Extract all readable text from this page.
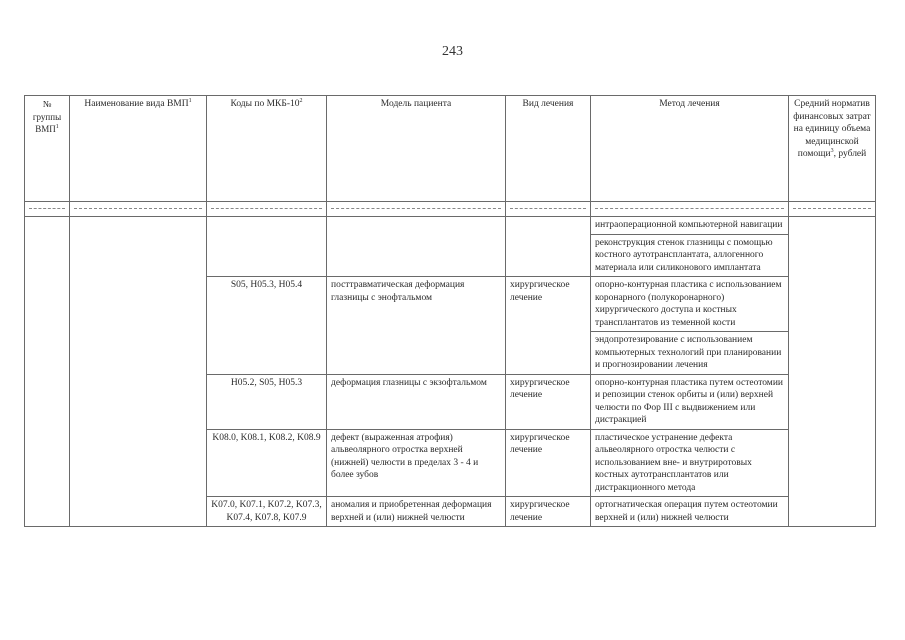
243
№ группы ВМП$^1$	Наименование вида ВМП$^1$	Коды по МКБ-$10^2$	Модель пациента	Вид лечения	Метод лечения	Средний норматив финансовых затрат на единицу объема медицинской помощи$^3$, рублей

					интраоперационной компьютерной навигации	
					реконструкция стенок глазницы с помощью костного аутотрансплантата, аллогенного материала или силиконового имплантата	
		S05, H05.3, H05.4	посттравматическая деформация глазницы с энофтальмом	хирургическое лечение	опорно-контурная пластика с использованием коронарного (полукоронарного) хирургического доступа и костных трансплантатов из теменной кости	
					эндопротезирование с использованием компьютерных технологий при планировании и прогнозировании лечения	
		H05.2, S05, H05.3	деформация глазницы с экзофтальмом	хирургическое лечение	опорно-контурная пластика путем остеотомии и репозиции стенок орбиты и (или) верхней челюсти по Фор III с выдвижением или дистракцией	
		K08.0, K08.1, K08.2, K08.9	дефект (выраженная атрофия) альвеолярного отростка верхней (нижней) челюсти в пределах 3 - 4 и более зубов	хирургическое лечение	пластическое устранение дефекта альвеолярного отростка челюсти с использованием вне- и внутриротовых костных аутотрансплантатов или дистракционного метода	
		K07.0, K07.1, K07.2, K07.3, K07.4, K07.8, K07.9	аномалия и приобретенная деформация верхней и (или) нижней челюсти	хирургическое лечение	ортогнатическая операция путем остеотомии верхней и (или) нижней челюсти	
